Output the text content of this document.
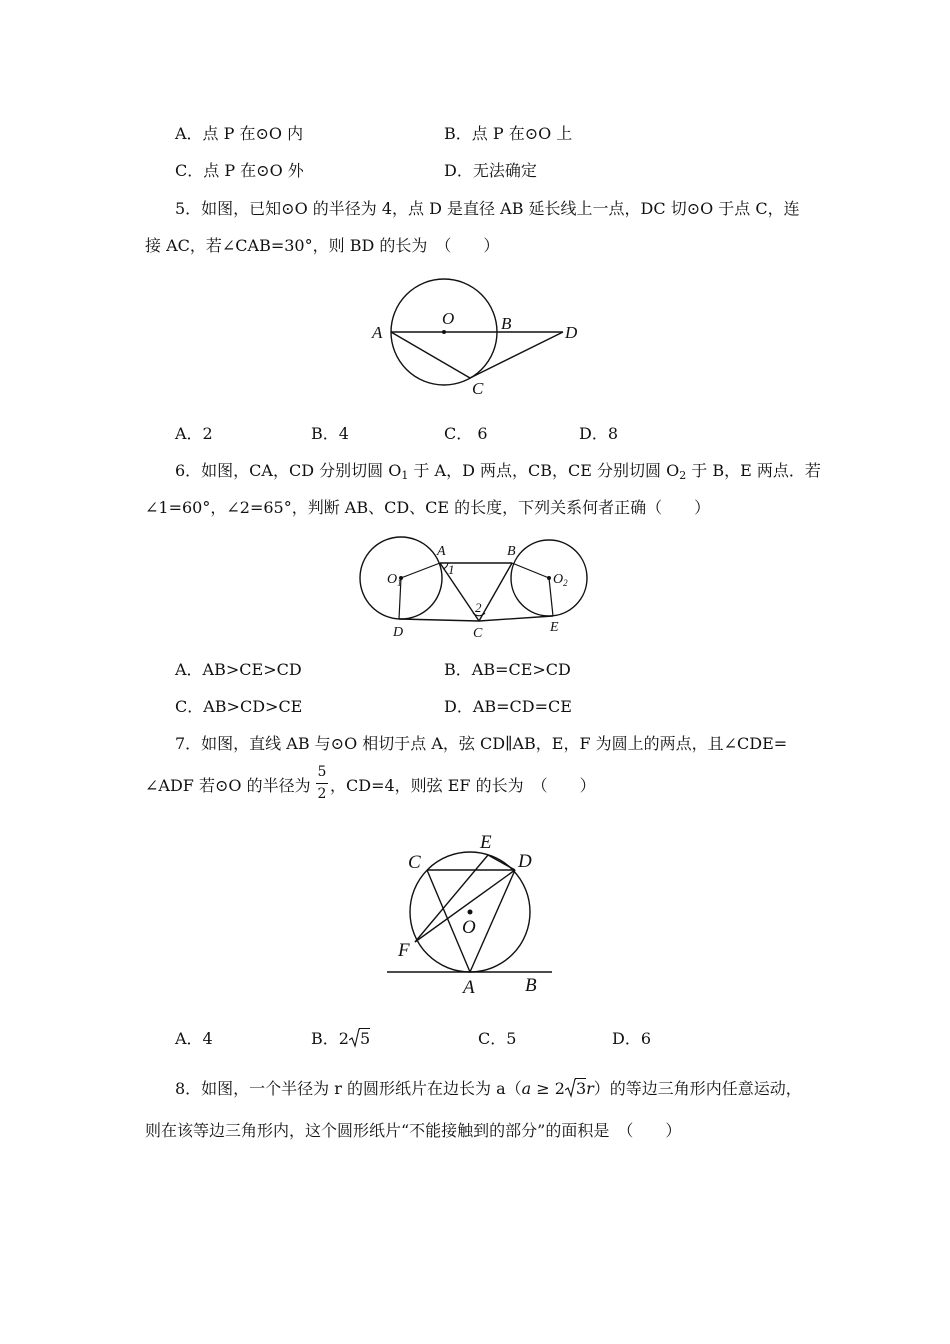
A．点 P 在⊙O 内	B．点 P 在⊙O 上
C．点 P 在⊙O 外	D．无法确定
5．如图，已知⊙O 的半径为 4，点 D 是直径 AB 延长线上一点，DC 切⊙O 于点 C，连
接 AC，若∠CAB=30°，则 BD 的长为　（　　）
A
O	B	D
C
A．2	B．4	C． 6	D．8
6．如图，CA，CD 分别切圆 $O_1$ 于 A，D 两点，CB，CE 分别切圆 $O_2$ 于 B，E 两点．若
∠1=60°，∠2=65°，判断 AB、CD、CE 的长度，下列关系何者正确（　　）
$O_1$	$O_2$
A	B
1
2
C
D	E
A．AB>CE>CD	B．AB=CE>CD
C．AB>CD>CE	D．AB=CD=CE
7．如图，直线 AB 与⊙O 相切于点 A，弦 CD∥AB，E，F 为圆上的两点，且∠CDE=
∠ADF 若⊙O 的半径为
5
2 ，CD=4，则弦 EF 的长为　（　　）
C
E
D
O
F
A	B
A．4	B．2 5	C．5	D．6
8．如图，一个半径为 r 的圆形纸片在边长为 a（a ≥ 2 3r）的等边三角形内任意运动，
则在该等边三角形内，这个圆形纸片“不能接触到的部分”的面积是　（　　）
